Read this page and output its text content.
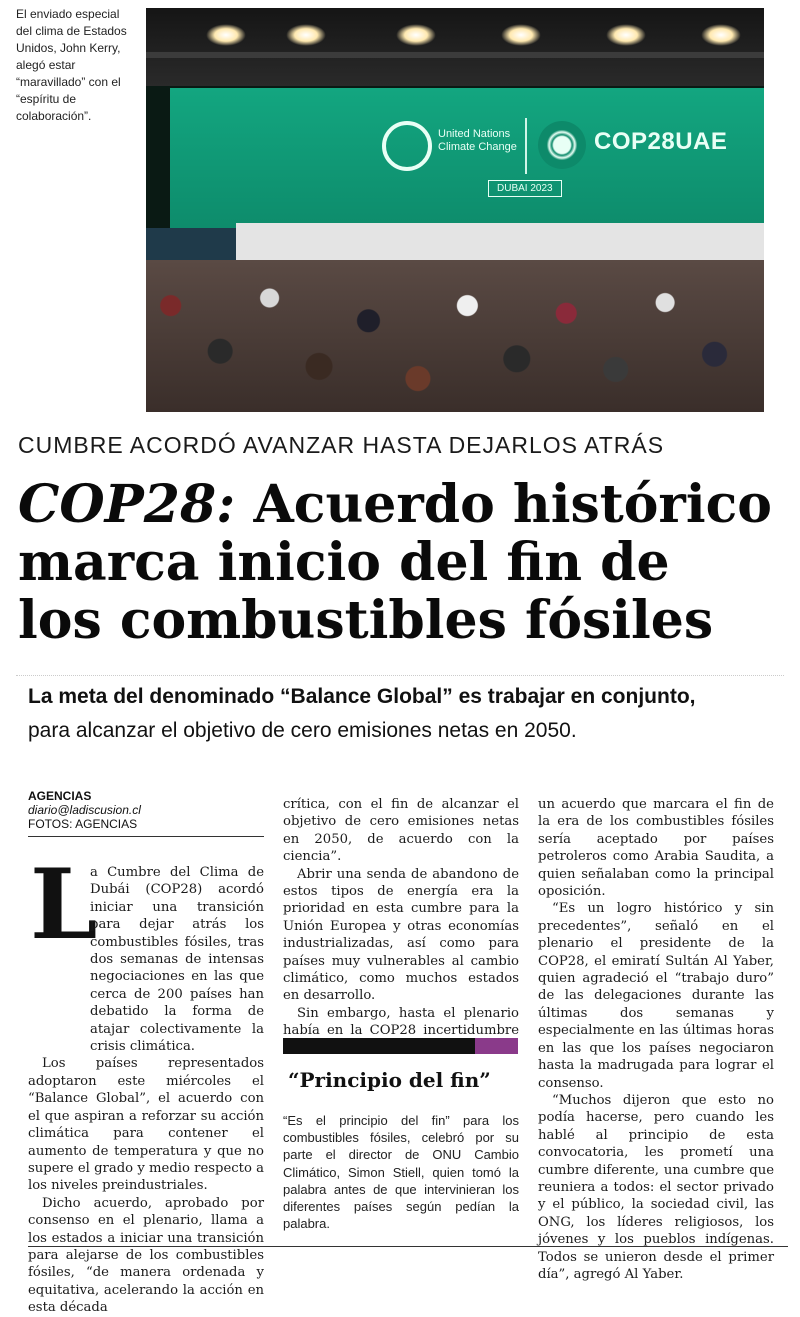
El enviado especial del clima de Estados Unidos, John Kerry, alegó estar “maravillado” con el “espíritu de colaboración”.
United Nations Climate Change	COP28UAE
DUBAI 2023
CUMBRE ACORDÓ AVANZAR HASTA DEJARLOS ATRÁS
COP28: Acuerdo histórico
marca inicio del fin de
los combustibles fósiles
La meta del denominado “Balance Global” es trabajar en conjunto,
para alcanzar el objetivo de cero emisiones netas en 2050.
AGENCIAS
diario@ladiscusion.cl
FOTOS: AGENCIAS
L

a Cumbre del Clima de Dubái (COP28) acordó iniciar una transición para dejar atrás los combustibles fósiles, tras dos semanas de intensas negociaciones en las que cerca de 200 países han debatido la forma de atajar colectivamente la crisis climática.

Los países representados adoptaron este miércoles el “Balance Global”, el acuerdo con el que aspiran a reforzar su acción climática para contener el aumento de temperatura y que no supere el grado y medio respecto a los niveles preindustriales.

Dicho acuerdo, aprobado por consenso en el plenario, llama a los estados a iniciar una transición para alejarse de los combustibles fósiles, “de manera ordenada y equitativa, acelerando la acción en esta década

crítica, con el fin de alcanzar el objetivo de cero emisiones netas en 2050, de acuerdo con la ciencia”.

Abrir una senda de abandono de estos tipos de energía era la prioridad en esta cumbre para la Unión Europea y otras economías industrializadas, así como para países muy vulnerables al cambio climático, como muchos estados en desarrollo.

Sin embargo, hasta el plenario había en la COP28 incertidumbre

“Principio del fin”
“Es el principio del fin” para los combustibles fósiles, celebró por su parte el director de ONU Cambio Climático, Simon Stiell, quien tomó la palabra antes de que intervinieran los diferentes países según pedían la palabra.

un acuerdo que marcara el fin de la era de los combustibles fósiles sería aceptado por países petroleros como Arabia Saudita, a quien señalaban como la principal oposición.

“Es un logro histórico y sin precedentes”, señaló en el plenario el presidente de la COP28, el emiratí Sultán Al Yaber, quien agradeció el “trabajo duro” de las delegaciones durante las últimas dos semanas y especialmente en las últimas horas en las que los países negociaron hasta la madrugada para lograr el consenso.

“Muchos dijeron que esto no podía hacerse, pero cuando les hablé al principio de esta convocatoria, les prometí una cumbre diferente, una cumbre que reuniera a todos: el sector privado y el público, la sociedad civil, las ONG, los líderes religiosos, los jóvenes y los pueblos indígenas. Todos se unieron desde el primer día”, agregó Al Yaber.
